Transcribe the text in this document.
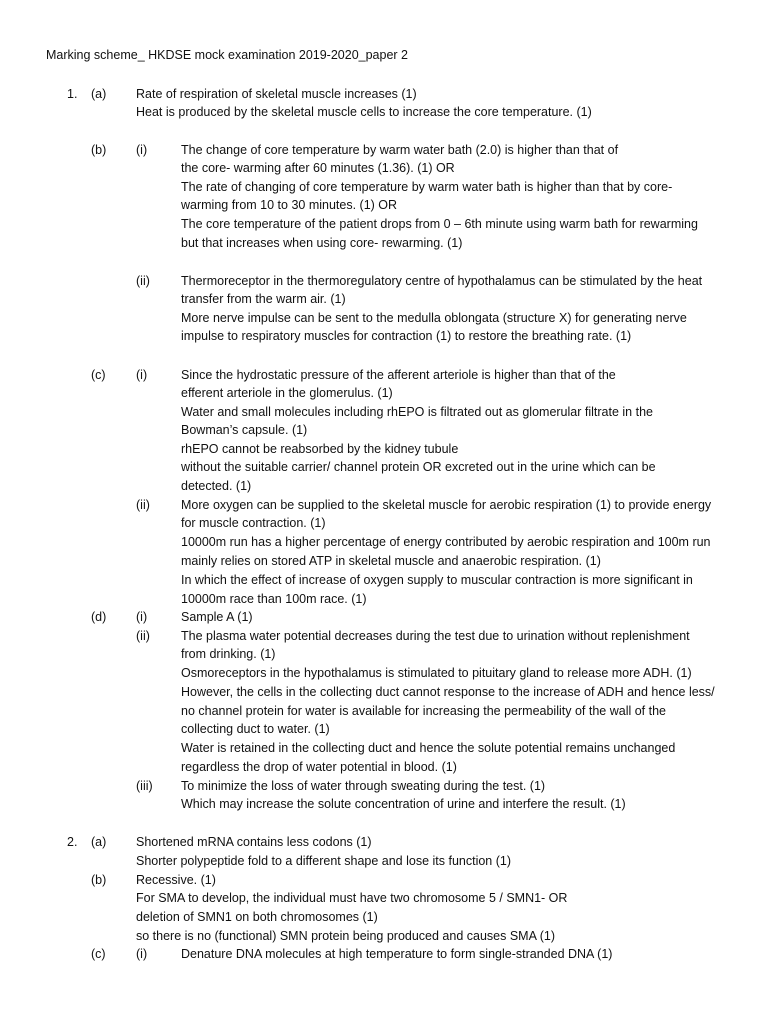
Marking scheme_ HKDSE mock examination 2019-2020_paper 2
1. (a) Rate of respiration of skeletal muscle increases (1)
Heat is produced by the skeletal muscle cells to increase the core temperature. (1)
(b) (i)	The change of core temperature by warm water bath (2.0) is higher than that of
the core- warming after 60 minutes (1.36). (1) OR
The rate of changing of core temperature by warm water bath is higher than that by core-
warming from 10 to 30 minutes. (1) OR
The core temperature of the patient drops from 0 – 6th minute using warm bath for rewarming
but that increases when using core- rewarming. (1)
(ii) Thermoreceptor in the thermoregulatory centre of hypothalamus can be stimulated by the heat
transfer from the warm air. (1)
More nerve impulse can be sent to the medulla oblongata (structure X) for generating nerve
impulse to respiratory muscles for contraction (1) to restore the breathing rate. (1)
(c) (i)	Since the hydrostatic pressure of the afferent arteriole is higher than that of the
efferent arteriole in the glomerulus. (1)
Water and small molecules including rhEPO is filtrated out as glomerular filtrate in the
Bowman’s capsule. (1)
rhEPO cannot be reabsorbed by the kidney tubule
without the suitable carrier/ channel protein OR excreted out in the urine which can be
detected. (1)
(ii) More oxygen can be supplied to the skeletal muscle for aerobic respiration (1) to provide energy
for muscle contraction. (1)
10000m run has a higher percentage of energy contributed by aerobic respiration and 100m run
mainly relies on stored ATP in skeletal muscle and anaerobic respiration. (1)
In which the effect of increase of oxygen supply to muscular contraction is more significant in
10000m race than 100m race. (1)
(d) (i)	Sample A (1)
(ii) The plasma water potential decreases during the test due to urination without replenishment
from drinking. (1)
Osmoreceptors in the hypothalamus is stimulated to pituitary gland to release more ADH. (1)
However, the cells in the collecting duct cannot response to the increase of ADH and hence less/
no channel protein for water is available for increasing the permeability of the wall of the
collecting duct to water. (1)
Water is retained in the collecting duct and hence the solute potential remains unchanged
regardless the drop of water potential in blood. (1)
(iii) To minimize the loss of water through sweating during the test. (1)
Which may increase the solute concentration of urine and interfere the result. (1)
2. (a) Shortened mRNA contains less codons (1)
Shorter polypeptide fold to a different shape and lose its function (1)
(b) Recessive. (1)
For SMA to develop, the individual must have two chromosome 5 / SMN1- OR
deletion of SMN1 on both chromosomes (1)
so there is no (functional) SMN protein being produced and causes SMA (1)
(c) (i)	Denature DNA molecules at high temperature to form single-stranded DNA (1)
